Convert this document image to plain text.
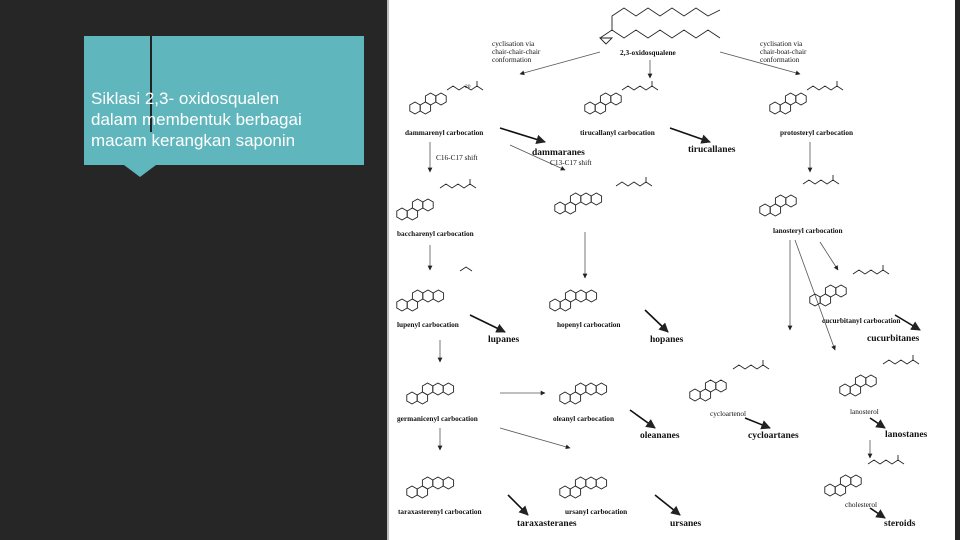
Siklasi 2,3- oxidosqualen
dalam membentuk berbagai
macam kerangkan saponin
2,3-oxidosqualene
cyclisation via
chair-chair-chair
conformation
cyclisation via
chair-boat-chair
conformation
20
dammarenyl carbocation	tirucallanyl carbocation	protosteryl carbocation
dammaranes	tirucallanes
C16-C17 shift
C13-C17 shift
baccharenyl carbocation	lanosteryl carbocation
lupenyl carbocation
lupanes
hopenyl carbocation
hopanes
cucurbitanyl carbocation
cucurbitanes
germanicenyl carbocation	oleanyl carbocation
oleananes
cycloartenol
cycloartanes
lanosterol
lanostanes
taraxasterenyl carbocation
taraxasteranes
ursanyl carbocation
ursanes
cholesterol
steroids
